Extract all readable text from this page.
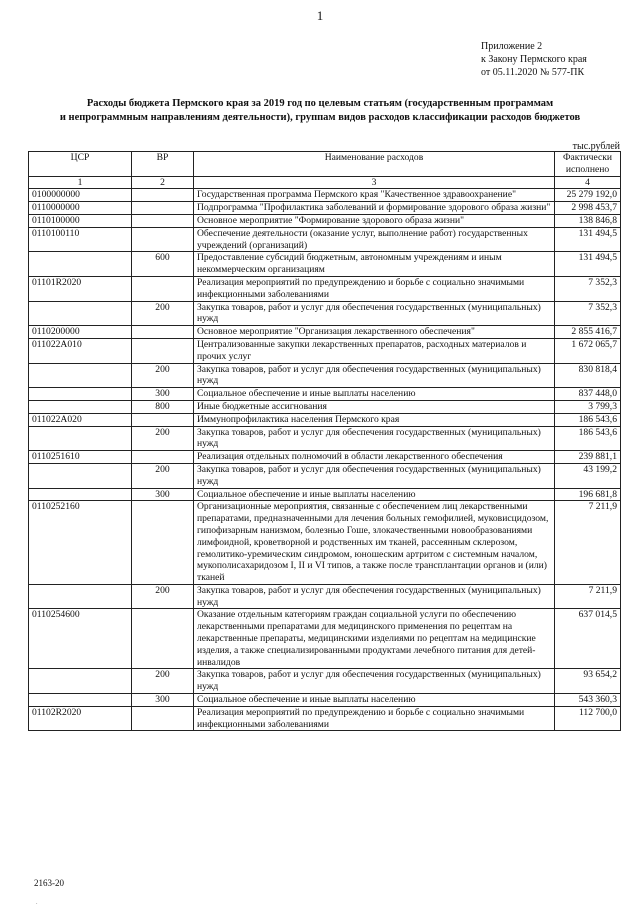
1
Приложение 2
к Закону Пермского края
от 05.11.2020 № 577-ПК
Расходы бюджета Пермского края за 2019 год по целевым статьям (государственным программам
и непрограммным направлениям деятельности), группам видов расходов классификации расходов бюджетов
тыс.рублей
ЦСР	ВР	Наименование расходов	Фактически
исполнено

1	2	3	4
0100000000		Государственная программа Пермского края "Качественное здравоохранение"	25 279 192,0
0110000000		Подпрограмма "Профилактика заболеваний и формирование здорового образа жизни"	2 998 453,7
0110100000		Основное мероприятие "Формирование здорового образа жизни"	138 846,8
0110100110		Обеспечение деятельности (оказание услуг, выполнение работ) государственных учреждений (организаций)	131 494,5
	600	Предоставление субсидий бюджетным, автономным учреждениям и иным некоммерческим организациям	131 494,5
01101R2020		Реализация мероприятий по предупреждению и борьбе с социально значимыми инфекционными заболеваниями	7 352,3
	200	Закупка товаров, работ и услуг для обеспечения государственных (муниципальных) нужд	7 352,3
0110200000		Основное мероприятие "Организация лекарственного обеспечения"	2 855 416,7
011022A010		Централизованные закупки лекарственных препаратов, расходных материалов и прочих услуг	1 672 065,7
	200	Закупка товаров, работ и услуг для обеспечения государственных (муниципальных) нужд	830 818,4
	300	Социальное обеспечение и иные выплаты населению	837 448,0
	800	Иные бюджетные ассигнования	3 799,3
011022A020		Иммунопрофилактика населения Пермского края	186 543,6
	200	Закупка товаров, работ и услуг для обеспечения государственных (муниципальных) нужд	186 543,6
0110251610		Реализация отдельных полномочий в области лекарственного обеспечения	239 881,1
	200	Закупка товаров, работ и услуг для обеспечения государственных (муниципальных) нужд	43 199,2
	300	Социальное обеспечение и иные выплаты населению	196 681,8
0110252160		Организационные мероприятия, связанные с обеспечением лиц лекарственными препаратами, предназначенными для лечения больных гемофилией, муковисцидозом, гипофизарным нанизмом, болезнью Гоше, злокачественными новообразованиями лимфоидной, кроветворной и родственных им тканей, рассеянным склерозом, гемолитико-уремическим синдромом, юношеским артритом с системным началом, мукополисахаридозом I, II и VI типов, а также после трансплантации органов и (или) тканей	7 211,9
	200	Закупка товаров, работ и услуг для обеспечения государственных (муниципальных) нужд	7 211,9
0110254600		Оказание отдельным категориям граждан социальной услуги по обеспечению лекарственными препаратами для медицинского применения по рецептам на лекарственные препараты, медицинскими изделиями по рецептам на медицинские изделия, а также специализированными продуктами лечебного питания для детей-инвалидов	637 014,5
	200	Закупка товаров, работ и услуг для обеспечения государственных (муниципальных) нужд	93 654,2
	300	Социальное обеспечение и иные выплаты населению	543 360,3
01102R2020		Реализация мероприятий по предупреждению и борьбе с социально значимыми инфекционными заболеваниями	112 700,0
2163-20
.
